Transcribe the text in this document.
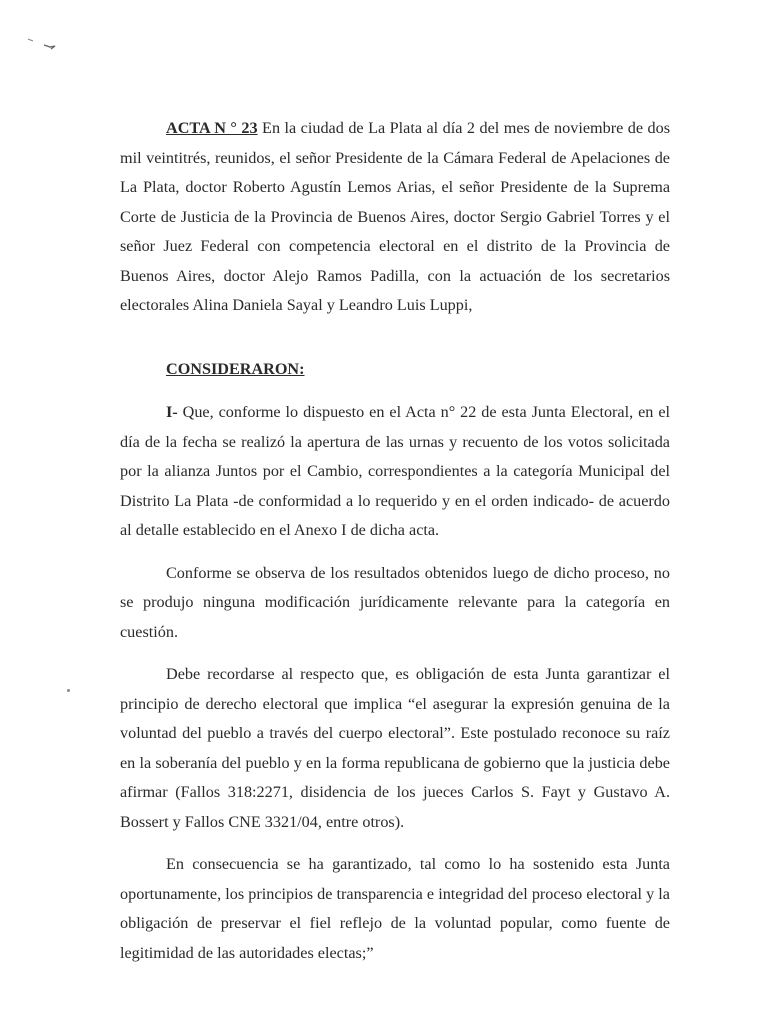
ACTA N ° 23 En la ciudad de La Plata al día 2 del mes de noviembre de dos mil veintitrés, reunidos, el señor Presidente de la Cámara Federal de Apelaciones de La Plata, doctor Roberto Agustín Lemos Arias, el señor Presidente de la Suprema Corte de Justicia de la Provincia de Buenos Aires, doctor Sergio Gabriel Torres y el señor Juez Federal con competencia electoral en el distrito de la Provincia de Buenos Aires, doctor Alejo Ramos Padilla, con la actuación de los secretarios electorales Alina Daniela Sayal y Leandro Luis Luppi,

CONSIDERARON:

I- Que, conforme lo dispuesto en el Acta n° 22 de esta Junta Electoral, en el día de la fecha se realizó la apertura de las urnas y recuento de los votos solicitada por la alianza Juntos por el Cambio, correspondientes a la categoría Municipal del Distrito La Plata -de conformidad a lo requerido y en el orden indicado- de acuerdo al detalle establecido en el Anexo I de dicha acta.

Conforme se observa de los resultados obtenidos luego de dicho proceso, no se produjo ninguna modificación jurídicamente relevante para la categoría en cuestión.

Debe recordarse al respecto que, es obligación de esta Junta garantizar el principio de derecho electoral que implica “el asegurar la expresión genuina de la voluntad del pueblo a través del cuerpo electoral”. Este postulado reconoce su raíz en la soberanía del pueblo y en la forma republicana de gobierno que la justicia debe afirmar (Fallos 318:2271, disidencia de los jueces Carlos S. Fayt y Gustavo A. Bossert y Fallos CNE 3321/04, entre otros).

En consecuencia se ha garantizado, tal como lo ha sostenido esta Junta oportunamente, los principios de transparencia e integridad del proceso electoral y la obligación de preservar el fiel reflejo de la voluntad popular, como fuente de legitimidad de las autoridades electas;”
